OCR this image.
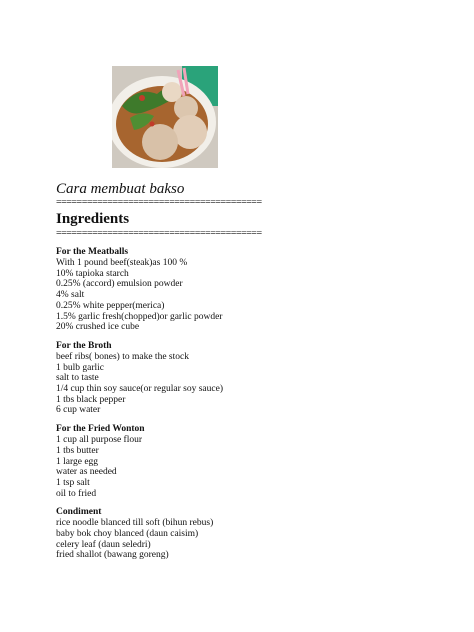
Cara membuat bakso
========================================
Ingredients
========================================
For the Meatballs
With 1 pound beef(steak)as 100 %
10% tapioka starch
0.25% (accord) emulsion powder
4% salt
0.25% white pepper(merica)
1.5% garlic fresh(chopped)or garlic powder
20% crushed ice cube
For the Broth
beef ribs( bones) to make the stock
1 bulb garlic
salt to taste
1/4 cup thin soy sauce(or regular soy sauce)
1 tbs black pepper
6 cup water
For the Fried Wonton
1 cup all purpose flour
1 tbs butter
1 large egg
water as needed
1 tsp salt
oil to fried
Condiment
rice noodle blanced till soft (bihun rebus)
baby bok choy blanced (daun caisim)
celery leaf (daun seledri)
fried shallot (bawang goreng)
